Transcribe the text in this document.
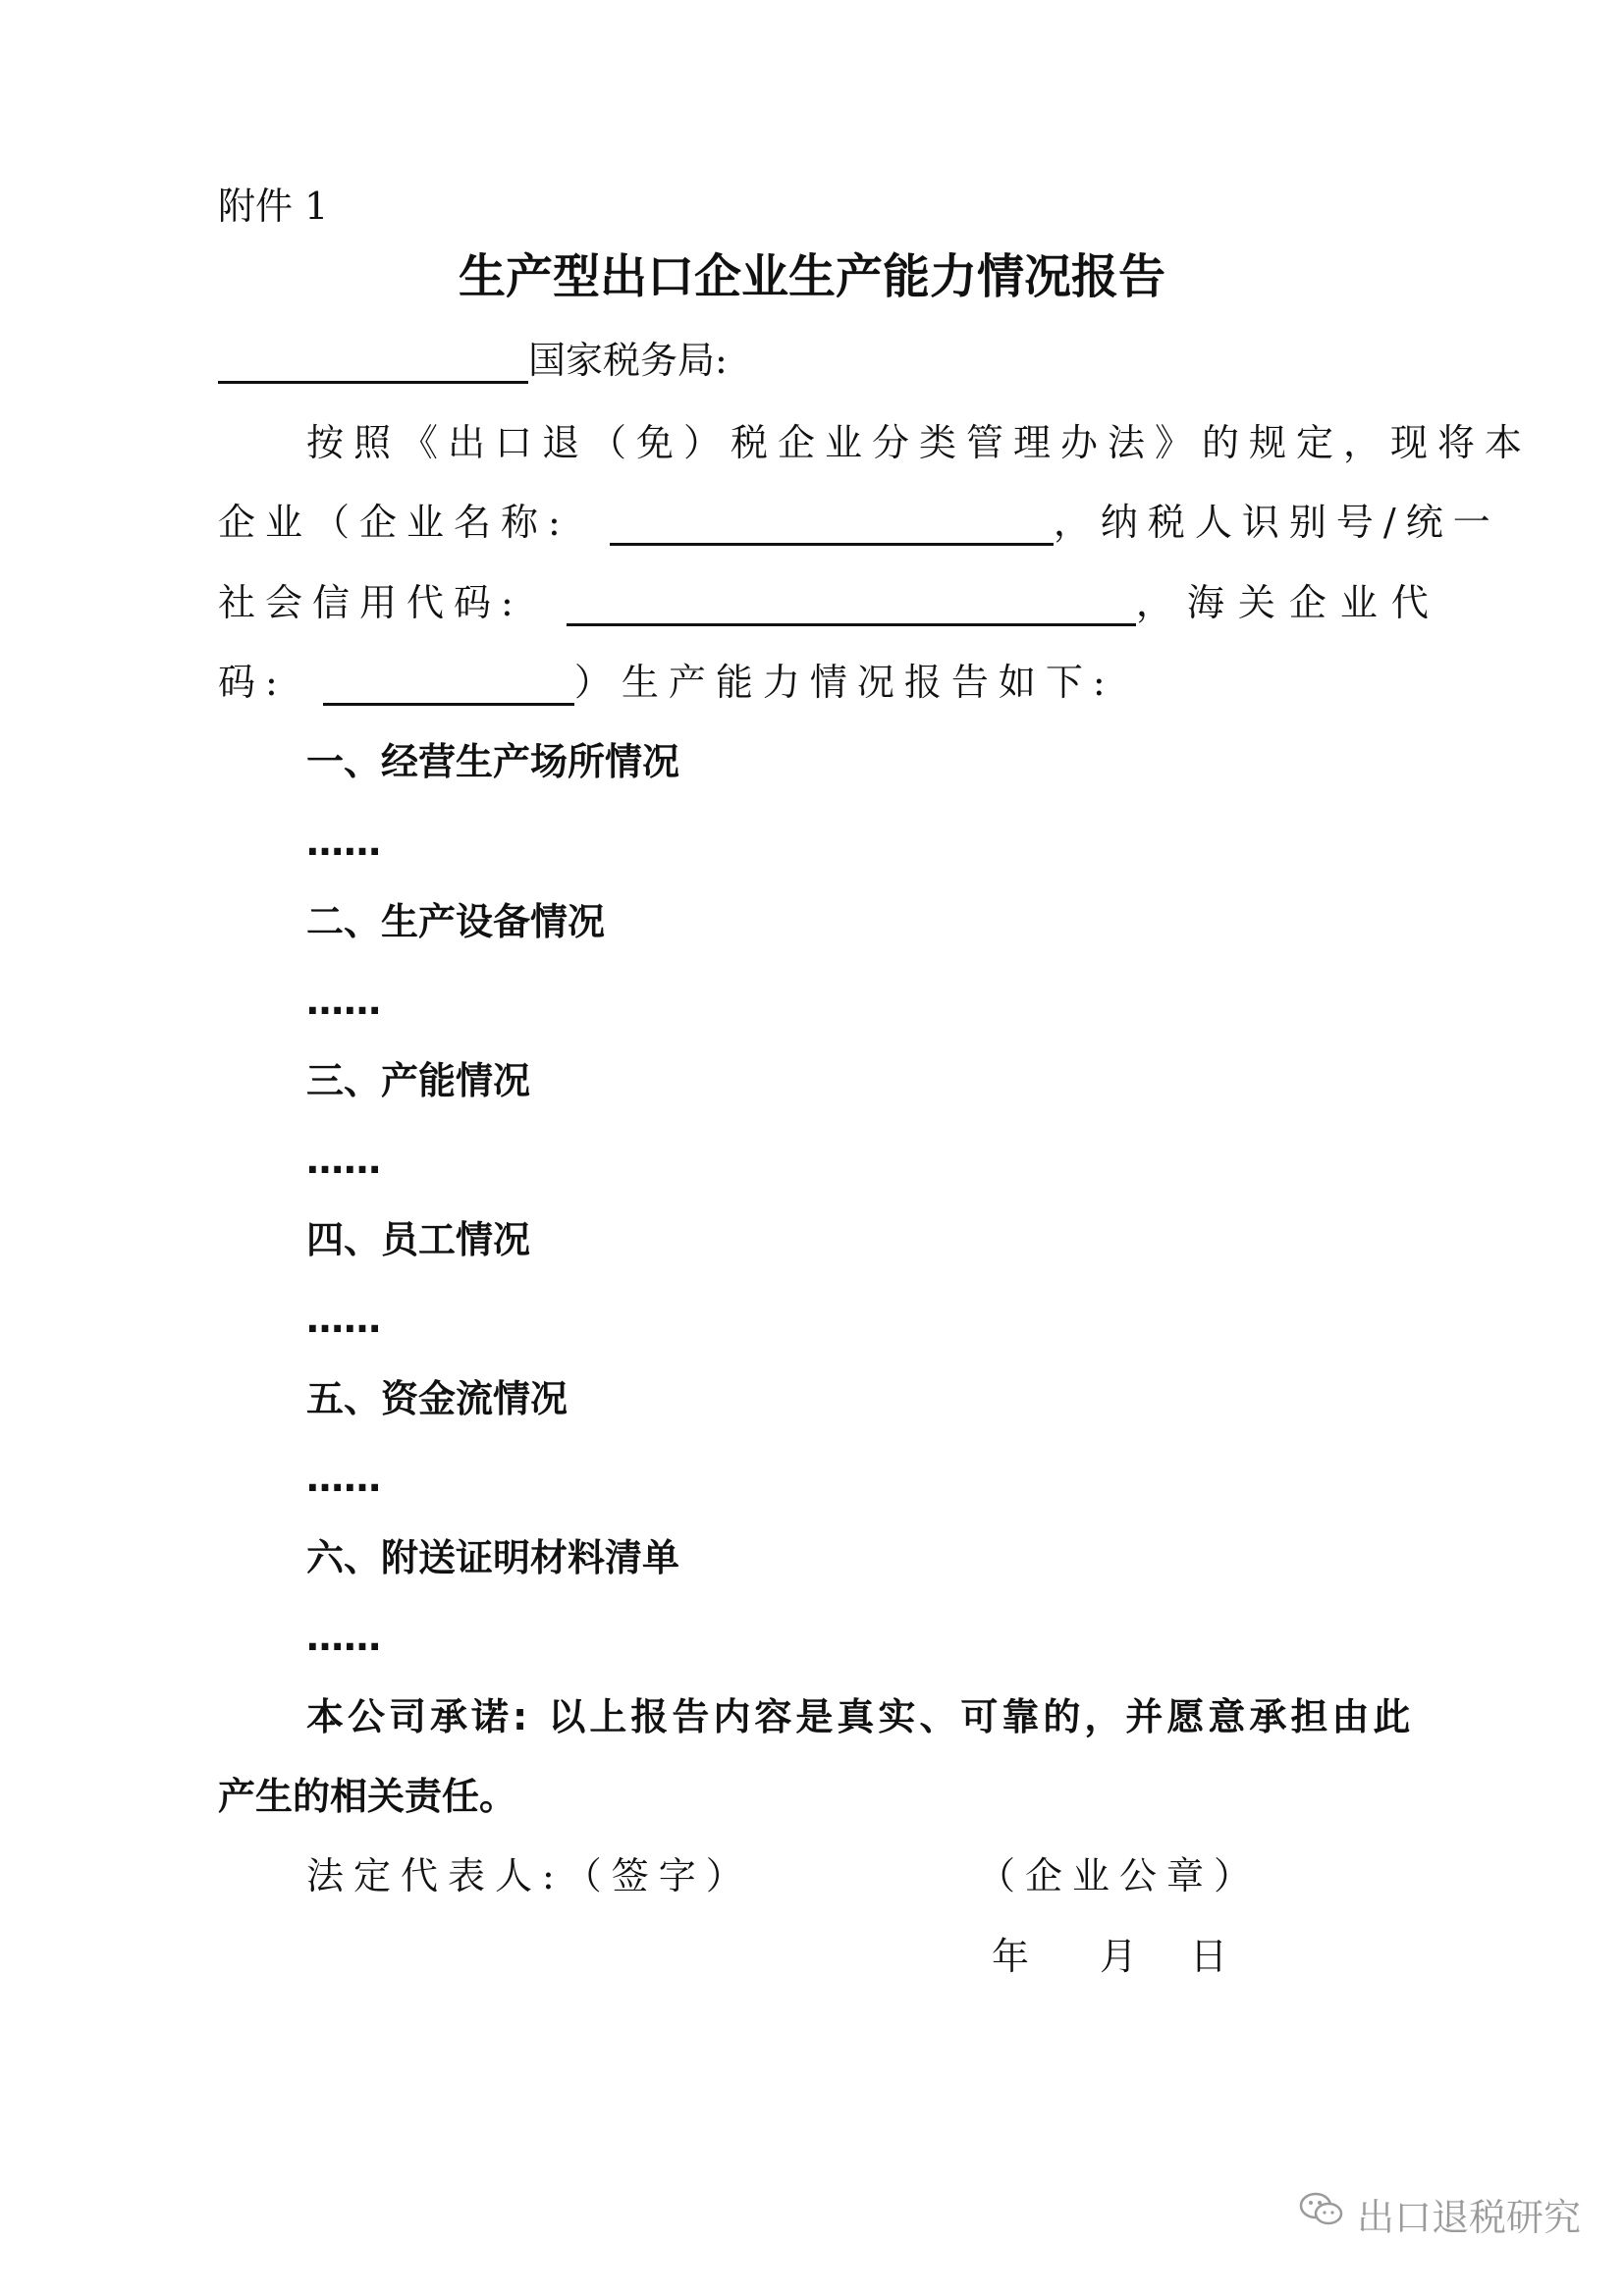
附件 1
生产型出口企业生产能力情况报告
国家税务局:
按照《出口退（免）税企业分类管理办法》的规定，现将本
企业（企业名称:	，纳税人识别号/统一
社会信用代码:	，海关企业代
码:	）生产能力情况报告如下:
一、经营生产场所情况
……
二、生产设备情况
……
三、产能情况
……
四、员工情况
……
五、资金流情况
……
六、附送证明材料清单
……
本公司承诺: 以上报告内容是真实、可靠的，并愿意承担由此
产生的相关责任。
法定代表人:（签字）	（企业公章）
年 月 日
出口退税研究
